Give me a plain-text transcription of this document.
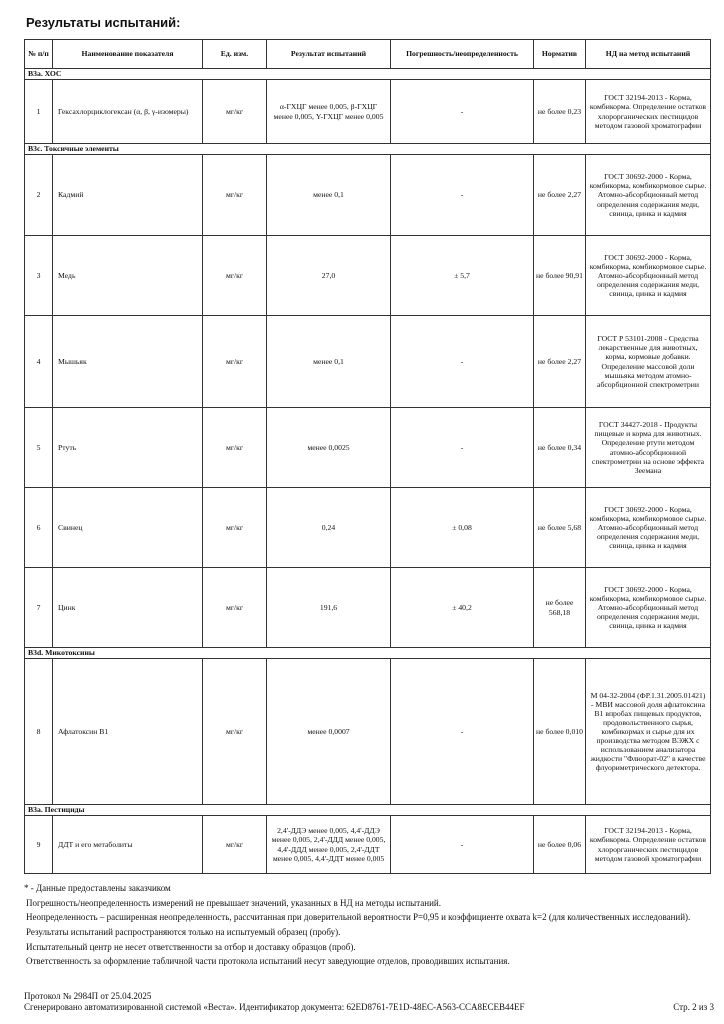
Результаты испытаний:
№ п/п	Наименование показателя	Ед. изм.	Результат испытаний	Погрешность/неопределенность	Норматив	НД на метод испытаний
В3а. ХОС						
1	Гексахлорциклогексан (α, β, γ-изомеры)	мг/кг	α-ГХЦГ менее 0,005, β-ГХЦГ менее 0,005, Y-ГХЦГ менее 0,005	-	не более 0,23	ГОСТ 32194-2013 - Корма, комбикорма. Определение остатков хлорорганических пестицидов методом газовой хроматографии
В3с. Токсичные элементы						
2	Кадмий	мг/кг	менее 0,1	-	не более 2,27	ГОСТ 30692-2000 - Корма, комбикорма, комбикормовое сырье. Атомно-абсорбционный метод определения содержания меди, свинца, цинка и кадмия
3	Медь	мг/кг	27,0	± 5,7	не более 90,91	ГОСТ 30692-2000 - Корма, комбикорма, комбикормовое сырье. Атомно-абсорбционный метод определения содержания меди, свинца, цинка и кадмия
4	Мышьяк	мг/кг	менее 0,1	-	не более 2,27	ГОСТ Р 53101-2008 - Средства лекарственные для животных, корма, кормовые добавки. Определение массовой доли мышьяка методом атомно-абсорбционной спектрометрии
5	Ртуть	мг/кг	менее 0,0025	-	не более 0,34	ГОСТ 34427-2018 - Продукты пищевые и корма для животных. Определение ртути методом атомно-абсорбционной спектрометрии на основе эффекта Зеемана
6	Свинец	мг/кг	0,24	± 0,08	не более 5,68	ГОСТ 30692-2000 - Корма, комбикорма, комбикормовое сырье. Атомно-абсорбционный метод определения содержания меди, свинца, цинка и кадмия
7	Цинк	мг/кг	191,6	± 40,2	не более 568,18	ГОСТ 30692-2000 - Корма, комбикорма, комбикормовое сырье. Атомно-абсорбционный метод определения содержания меди, свинца, цинка и кадмия
В3d. Микотоксины						
8	Афлатоксин В1	мг/кг	менее 0,0007	-	не более 0,010	М 04-32-2004 (ФР.1.31.2005.01421) - МВИ массовой доля афлатоксина В1 впробах пищевых продуктов, продовольственного сырья, комбикормах и сырье для их производства методом ВЭЖХ с использованием анализатора жидкости "Флюорат-02" в качестве флуориметрического детектора.
В3а. Пестициды						
9	ДДТ и его метаболиты	мг/кг	2,4'-ДДЭ менее 0,005, 4,4'-ДДЭ менее 0,005, 2,4'-ДДД менее 0,005, 4,4'-ДДД менее 0,005, 2,4'-ДДТ менее 0,005, 4,4'-ДДТ менее 0,005	-	не более 0,06	ГОСТ 32194-2013 - Корма, комбикорма. Определение остатков хлорорганических пестицидов методом газовой хроматографии

* - Данные предоставлены заказчиком

Погрешность/неопределенность измерений не превышает значений, указанных в НД на методы испытаний.

Неопределенность – расширенная неопределенность, рассчитанная при доверительной вероятности P=0,95 и коэффициенте охвата k=2 (для количественных исследований).

Результаты испытаний распространяются только на испытуемый образец (пробу).

Испытательный центр не несет ответственности за отбор и доставку образцов (проб).

Ответственность за оформление табличной части протокола испытаний несут заведующие отделов, проводивших испытания.

Протокол № 2984П от 25.04.2025
Сгенерировано автоматизированной системой «Веста». Идентификатор документа: 62ED8761-7E1D-48EC-A563-CCA8ECEB44EF	Стр. 2 из 3
